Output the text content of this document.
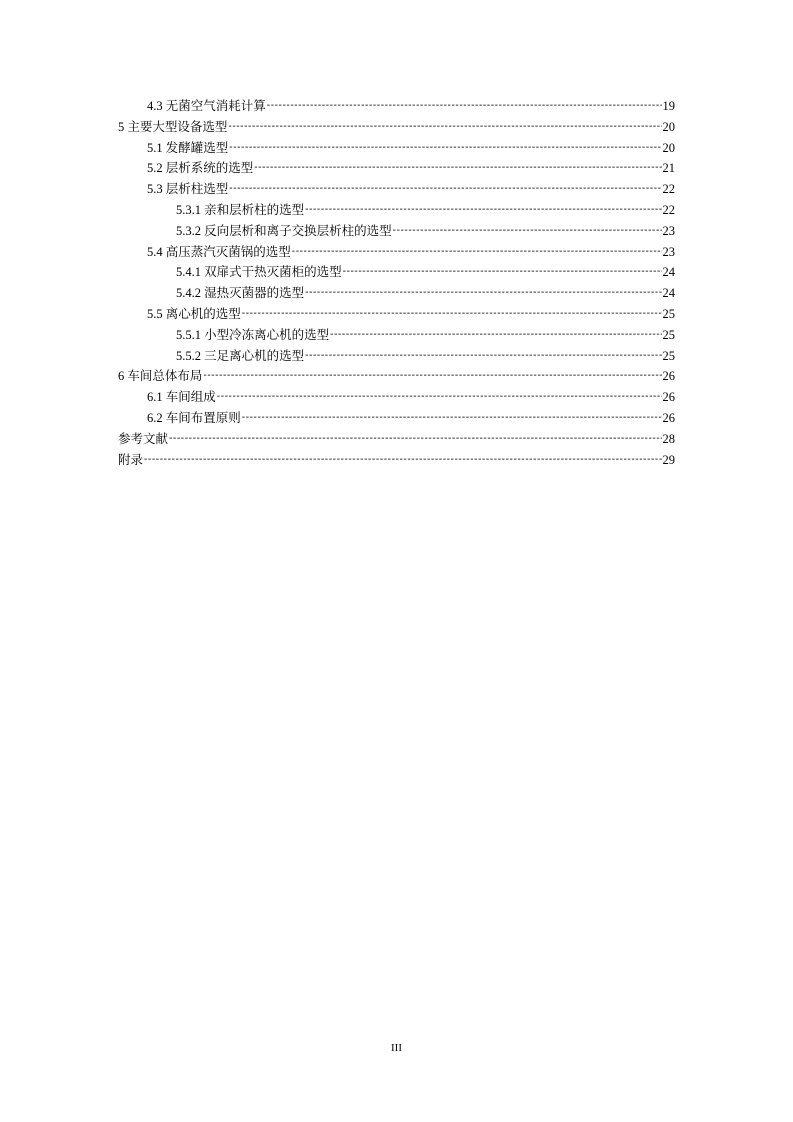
4.3 无菌空气消耗计算 -----	19
5 主要大型设备选型 -----	20
5.1 发酵罐选型 -----	20
5.2 层析系统的选型 -----	21
5.3 层析柱选型 -----	22
5.3.1 亲和层析柱的选型 -----	22
5.3.2 反向层析和离子交换层析柱的选型 -----	23
5.4 高压蒸汽灭菌锅的选型 -----	23
5.4.1 双扉式干热灭菌柜的选型 -----	24
5.4.2 湿热灭菌器的选型 -----	24
5.5 离心机的选型 -----	25
5.5.1 小型冷冻离心机的选型 -----	25
5.5.2 三足离心机的选型 -----	25
6 车间总体布局 -----	26
6.1 车间组成 -----	26
6.2 车间布置原则 -----	26
参考文献 -----	28
附录 -----	29
III
